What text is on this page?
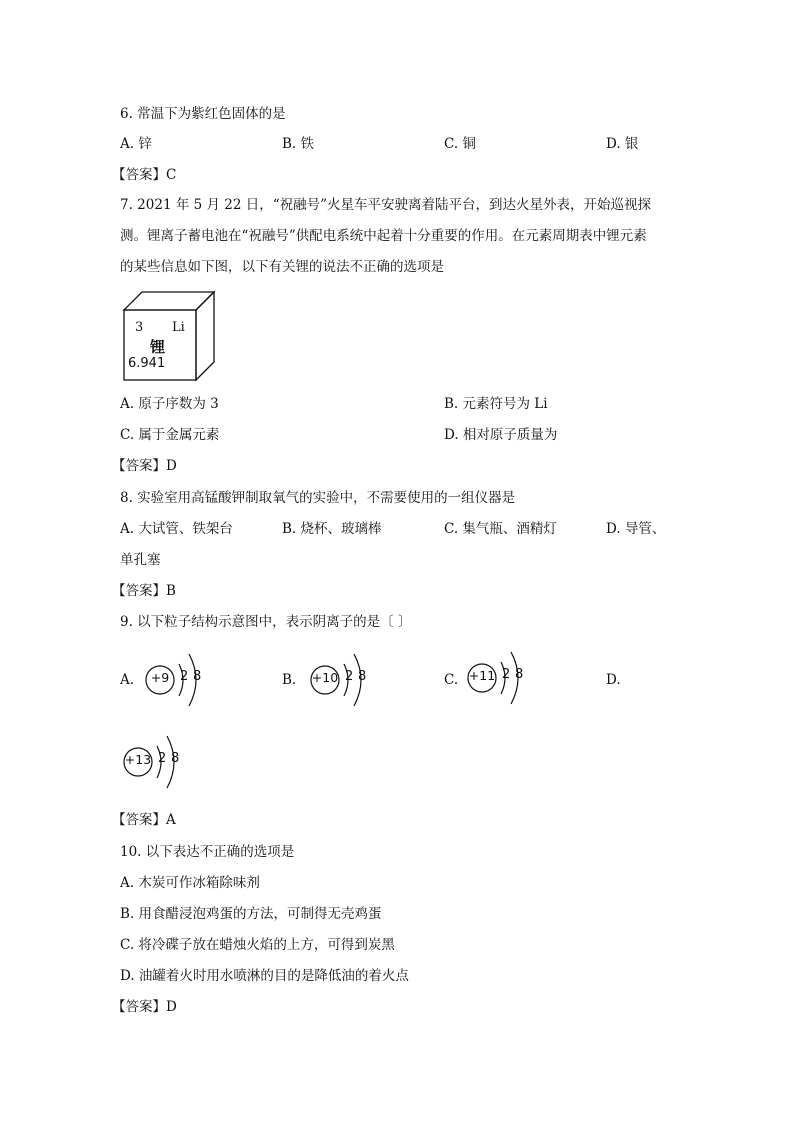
6. 常温下为紫红色固体的是
A. 锌	B. 铁	C. 铜	D. 银
【答案】C
7. 2021 年 5 月 22 日，“祝融号”火星车平安驶离着陆平台，到达火星外表，开始巡视探
测。锂离子蓄电池在“祝融号”供配电系统中起着十分重要的作用。在元素周期表中锂元素
的某些信息如下图，以下有关锂的说法不正确的选项是
3 Li
锂
6.941
A. 原子序数为 3	B. 元素符号为 Li
C. 属于金属元素	D. 相对原子质量为
【答案】D
8. 实验室用高锰酸钾制取氧气的实验中，不需要使用的一组仪器是
A. 大试管、铁架台	B. 烧杯、玻璃棒	C. 集气瓶、酒精灯	D. 导管、
单孔塞
【答案】B
9. 以下粒子结构示意图中，表示阴离子的是〔 〕
A.	+9 2 8	B. +10 2 8	C. +11 2 8	D.
+13 2 8
【答案】A
10. 以下表达不正确的选项是
A. 木炭可作冰箱除味剂
B. 用食醋浸泡鸡蛋的方法，可制得无壳鸡蛋
C. 将冷碟子放在蜡烛火焰的上方，可得到炭黑
D. 油罐着火时用水喷淋的目的是降低油的着火点
【答案】D
